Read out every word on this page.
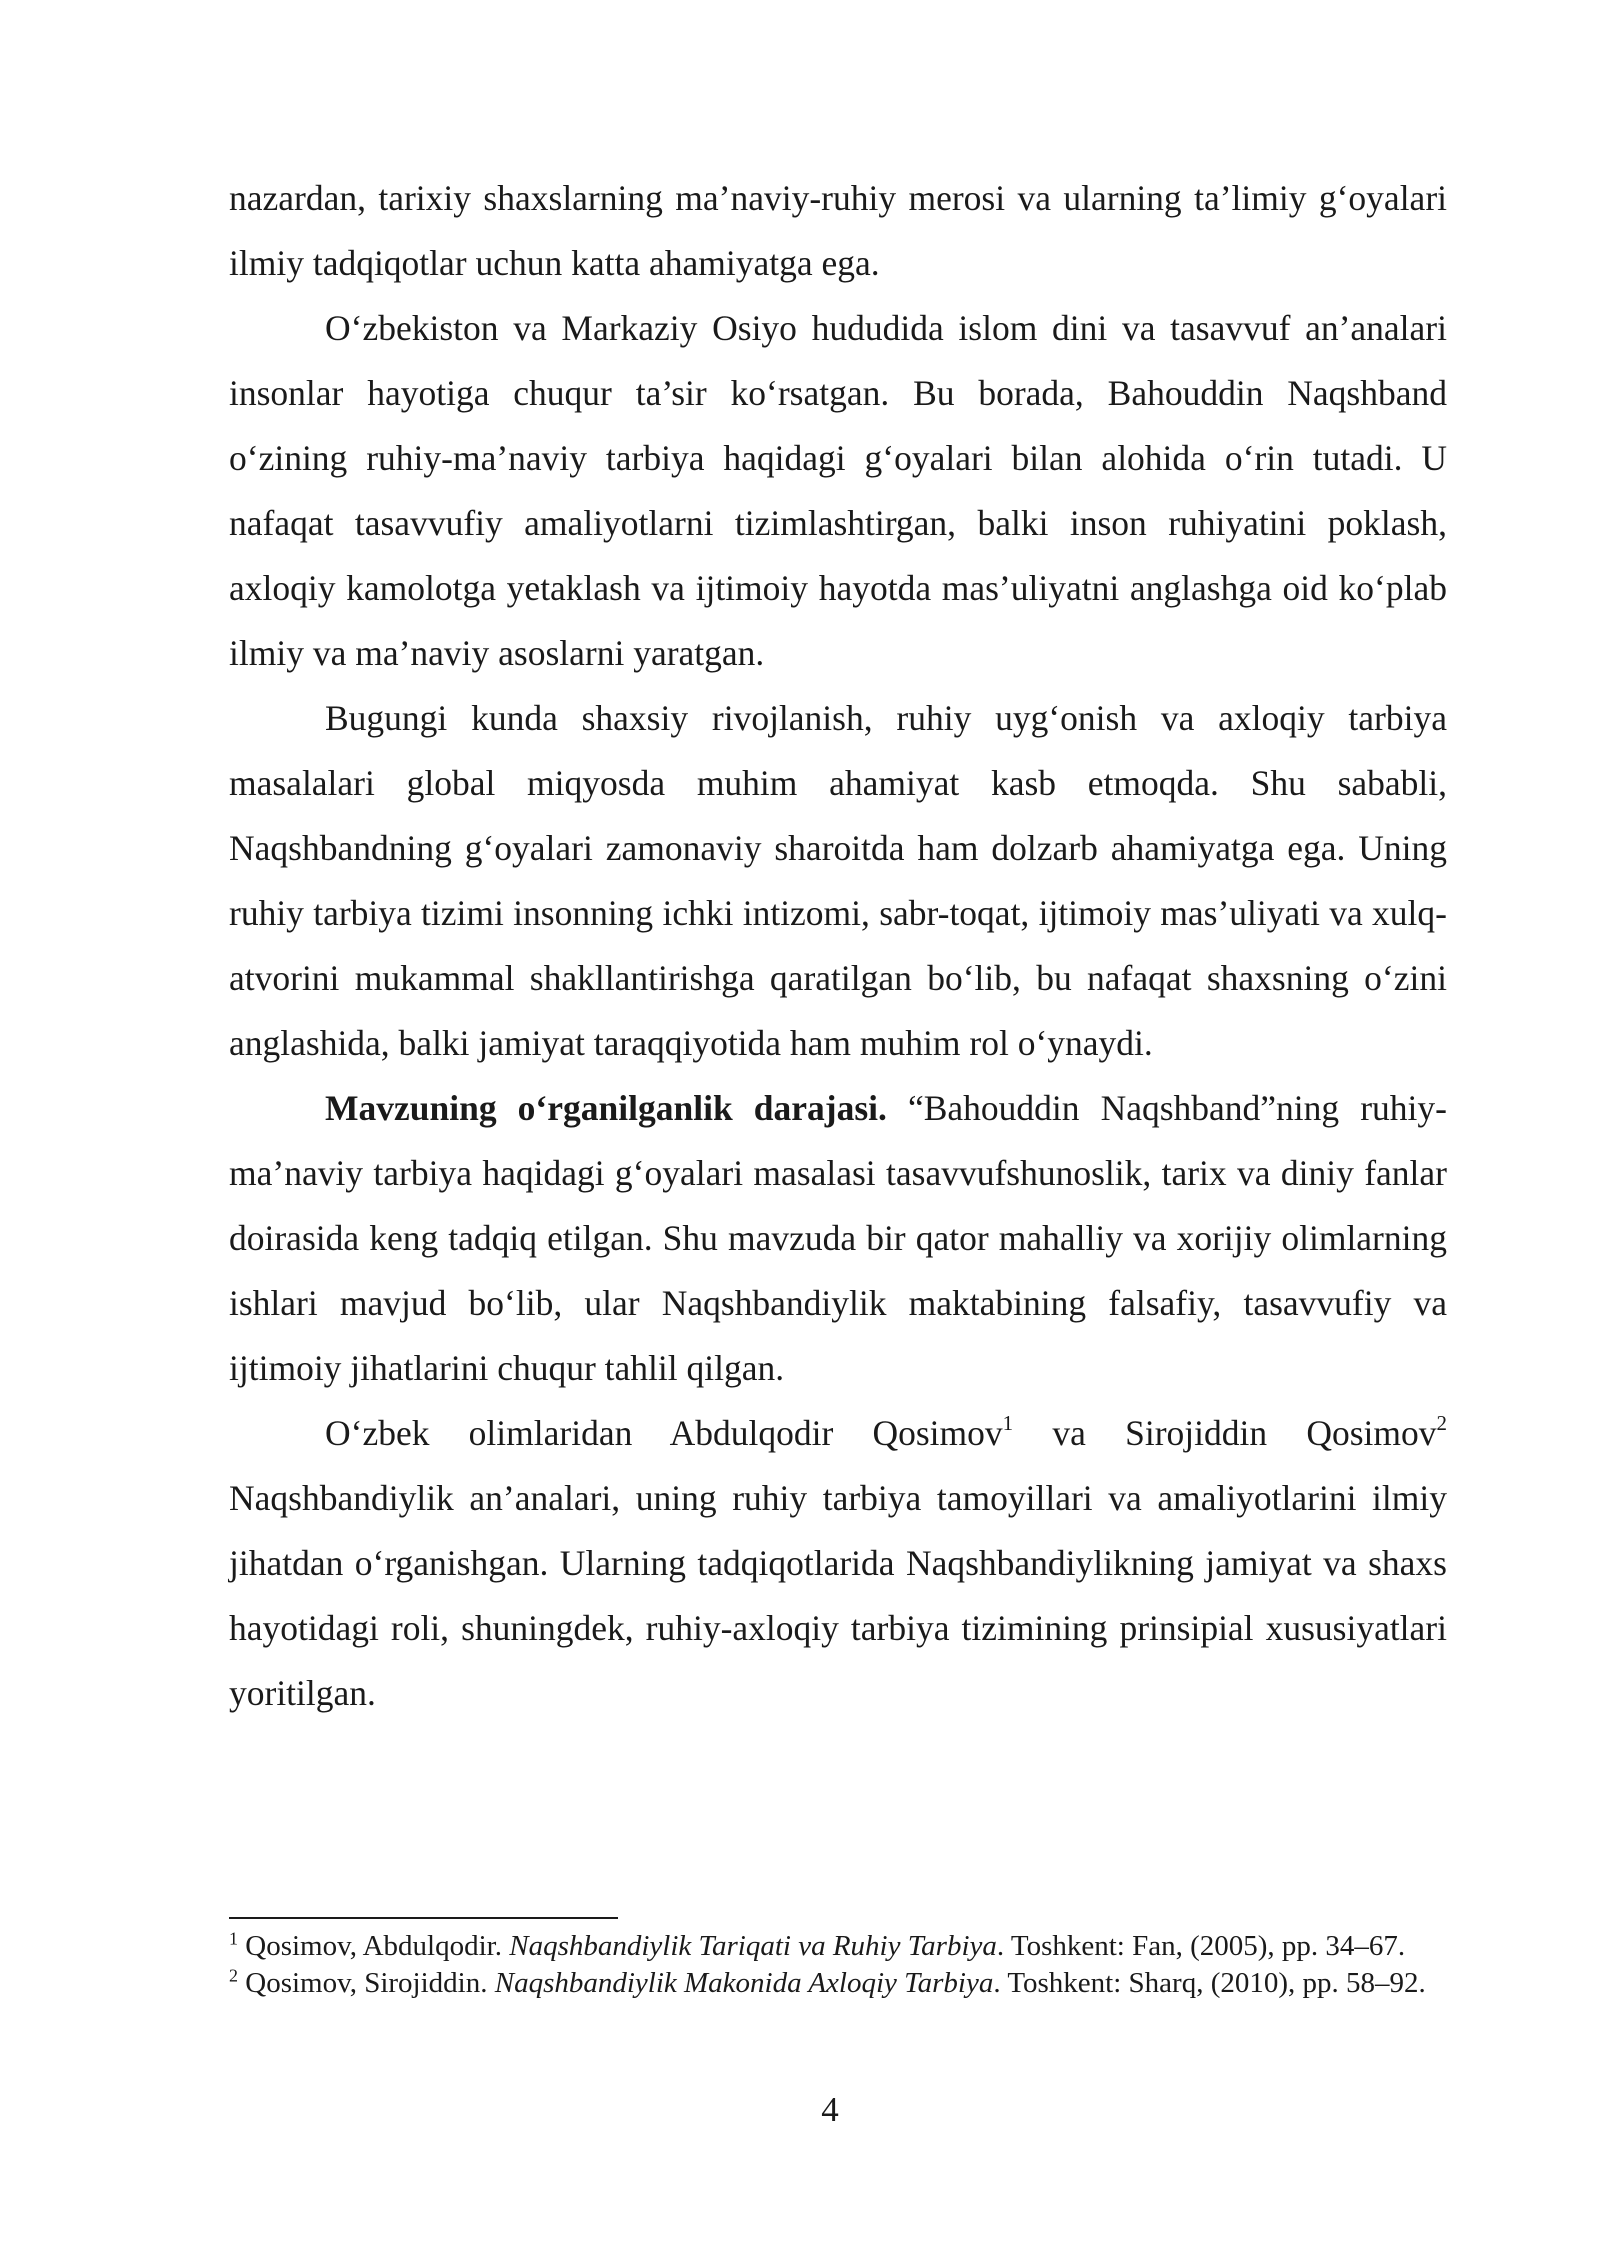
nazardan, tarixiy shaxslarning ma’naviy-ruhiy merosi va ularning ta’limiy g‘oyalari ilmiy tadqiqotlar uchun katta ahamiyatga ega.

O‘zbekiston va Markaziy Osiyo hududida islom dini va tasavvuf an’analari insonlar hayotiga chuqur ta’sir ko‘rsatgan. Bu borada, Bahouddin Naqshband o‘zining ruhiy-ma’naviy tarbiya haqidagi g‘oyalari bilan alohida o‘rin tutadi. U nafaqat tasavvufiy amaliyotlarni tizimlashtirgan, balki inson ruhiyatini poklash, axloqiy kamolotga yetaklash va ijtimoiy hayotda mas’uliyatni anglashga oid ko‘plab ilmiy va ma’naviy asoslarni yaratgan.

Bugungi kunda shaxsiy rivojlanish, ruhiy uyg‘onish va axloqiy tarbiya masalalari global miqyosda muhim ahamiyat kasb etmoqda. Shu sababli, Naqshbandning g‘oyalari zamonaviy sharoitda ham dolzarb ahamiyatga ega. Uning ruhiy tarbiya tizimi insonning ichki intizomi, sabr-toqat, ijtimoiy mas’uliyati va xulq-atvorini mukammal shakllantirishga qaratilgan bo‘lib, bu nafaqat shaxsning o‘zini anglashida, balki jamiyat taraqqiyotida ham muhim rol o‘ynaydi.

Mavzuning o‘rganilganlik darajasi. “Bahouddin Naqshband”ning ruhiy-ma’naviy tarbiya haqidagi g‘oyalari masalasi tasavvufshunoslik, tarix va diniy fanlar doirasida keng tadqiq etilgan. Shu mavzuda bir qator mahalliy va xorijiy olimlarning ishlari mavjud bo‘lib, ular Naqshbandiylik maktabining falsafiy, tasavvufiy va ijtimoiy jihatlarini chuqur tahlil qilgan.

O‘zbek olimlaridan Abdulqodir Qosimov$^1$ va Sirojiddin Qosimov$^2$ Naqshbandiylik an’analari, uning ruhiy tarbiya tamoyillari va amaliyotlarini ilmiy jihatdan o‘rganishgan. Ularning tadqiqotlarida Naqshbandiylikning jamiyat va shaxs hayotidagi roli, shuningdek, ruhiy-axloqiy tarbiya tizimining prinsipial xususiyatlari yoritilgan.

$^1$ Qosimov, Abdulqodir. Naqshbandiylik Tariqati va Ruhiy Tarbiya. Toshkent: Fan, (2005), pp. 34–67.

$^2$ Qosimov, Sirojiddin. Naqshbandiylik Makonida Axloqiy Tarbiya. Toshkent: Sharq, (2010), pp. 58–92.

4
